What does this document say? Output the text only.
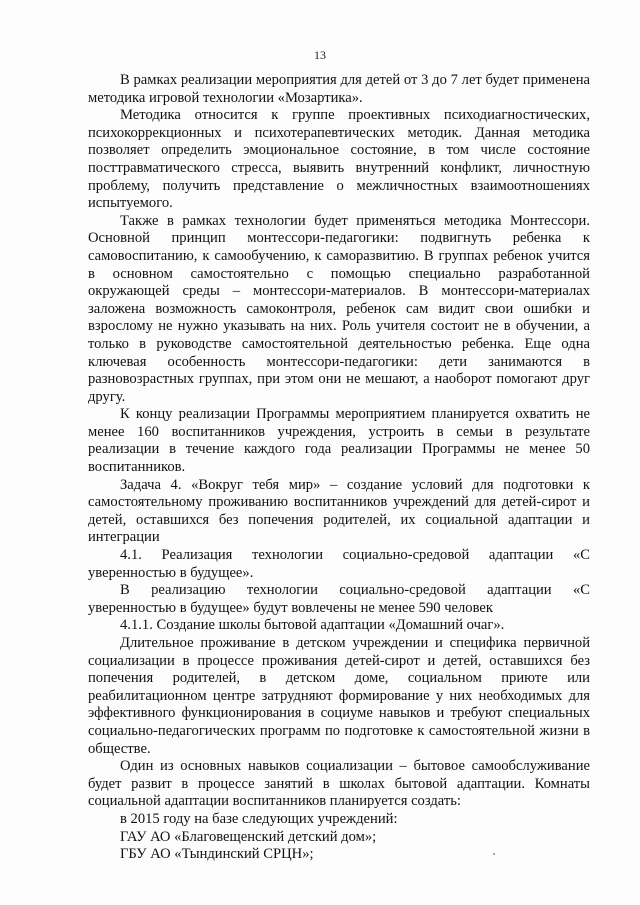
13

В рамках реализации мероприятия для детей от 3 до 7 лет будет применена методика игровой технологии «Мозартика».

Методика относится к группе проективных психодиагностических, психокоррекционных и психотерапевтических методик. Данная методика позволяет определить эмоциональное состояние, в том числе состояние посттравматического стресса, выявить внутренний конфликт, личностную проблему, получить представление о межличностных взаимоотношениях испытуемого.

Также в рамках технологии будет применяться методика Монтессори. Основной принцип монтессори-педагогики: подвигнуть ребенка к самовоспитанию, к самообучению, к саморазвитию. В группах ребенок учится в основном самостоятельно с помощью специально разработанной окружающей среды – монтессори-материалов. В монтессори-материалах заложена возможность самоконтроля, ребенок сам видит свои ошибки и взрослому не нужно указывать на них. Роль учителя состоит не в обучении, а только в руководстве самостоятельной деятельностью ребенка. Еще одна ключевая особенность монтессори-педагогики: дети занимаются в разновозрастных группах, при этом они не мешают, а наоборот помогают друг другу.

К концу реализации Программы мероприятием планируется охватить не менее 160 воспитанников учреждения, устроить в семьи в результате реализации в течение каждого года реализации Программы не менее 50 воспитанников.

Задача 4. «Вокруг тебя мир» – создание условий для подготовки к самостоятельному проживанию воспитанников учреждений для детей-сирот и детей, оставшихся без попечения родителей, их социальной адаптации и интеграции

4.1. Реализация технологии социально-средовой адаптации «С уверенностью в будущее».

В реализацию технологии социально-средовой адаптации «С уверенностью в будущее» будут вовлечены не менее 590 человек

4.1.1. Создание школы бытовой адаптации «Домашний очаг».

Длительное проживание в детском учреждении и специфика первичной социализации в процессе проживания детей-сирот и детей, оставшихся без попечения родителей, в детском доме, социальном приюте или реабилитационном центре затрудняют формирование у них необходимых для эффективного функционирования в социуме навыков и требуют специальных социально-педагогических программ по подготовке к самостоятельной жизни в обществе.

Один из основных навыков социализации – бытовое самообслуживание будет развит в процессе занятий в школах бытовой адаптации. Комнаты социальной адаптации воспитанников планируется создать:

в 2015 году на базе следующих учреждений:

ГАУ АО «Благовещенский детский дом»;

ГБУ АО «Тындинский СРЦН»;
